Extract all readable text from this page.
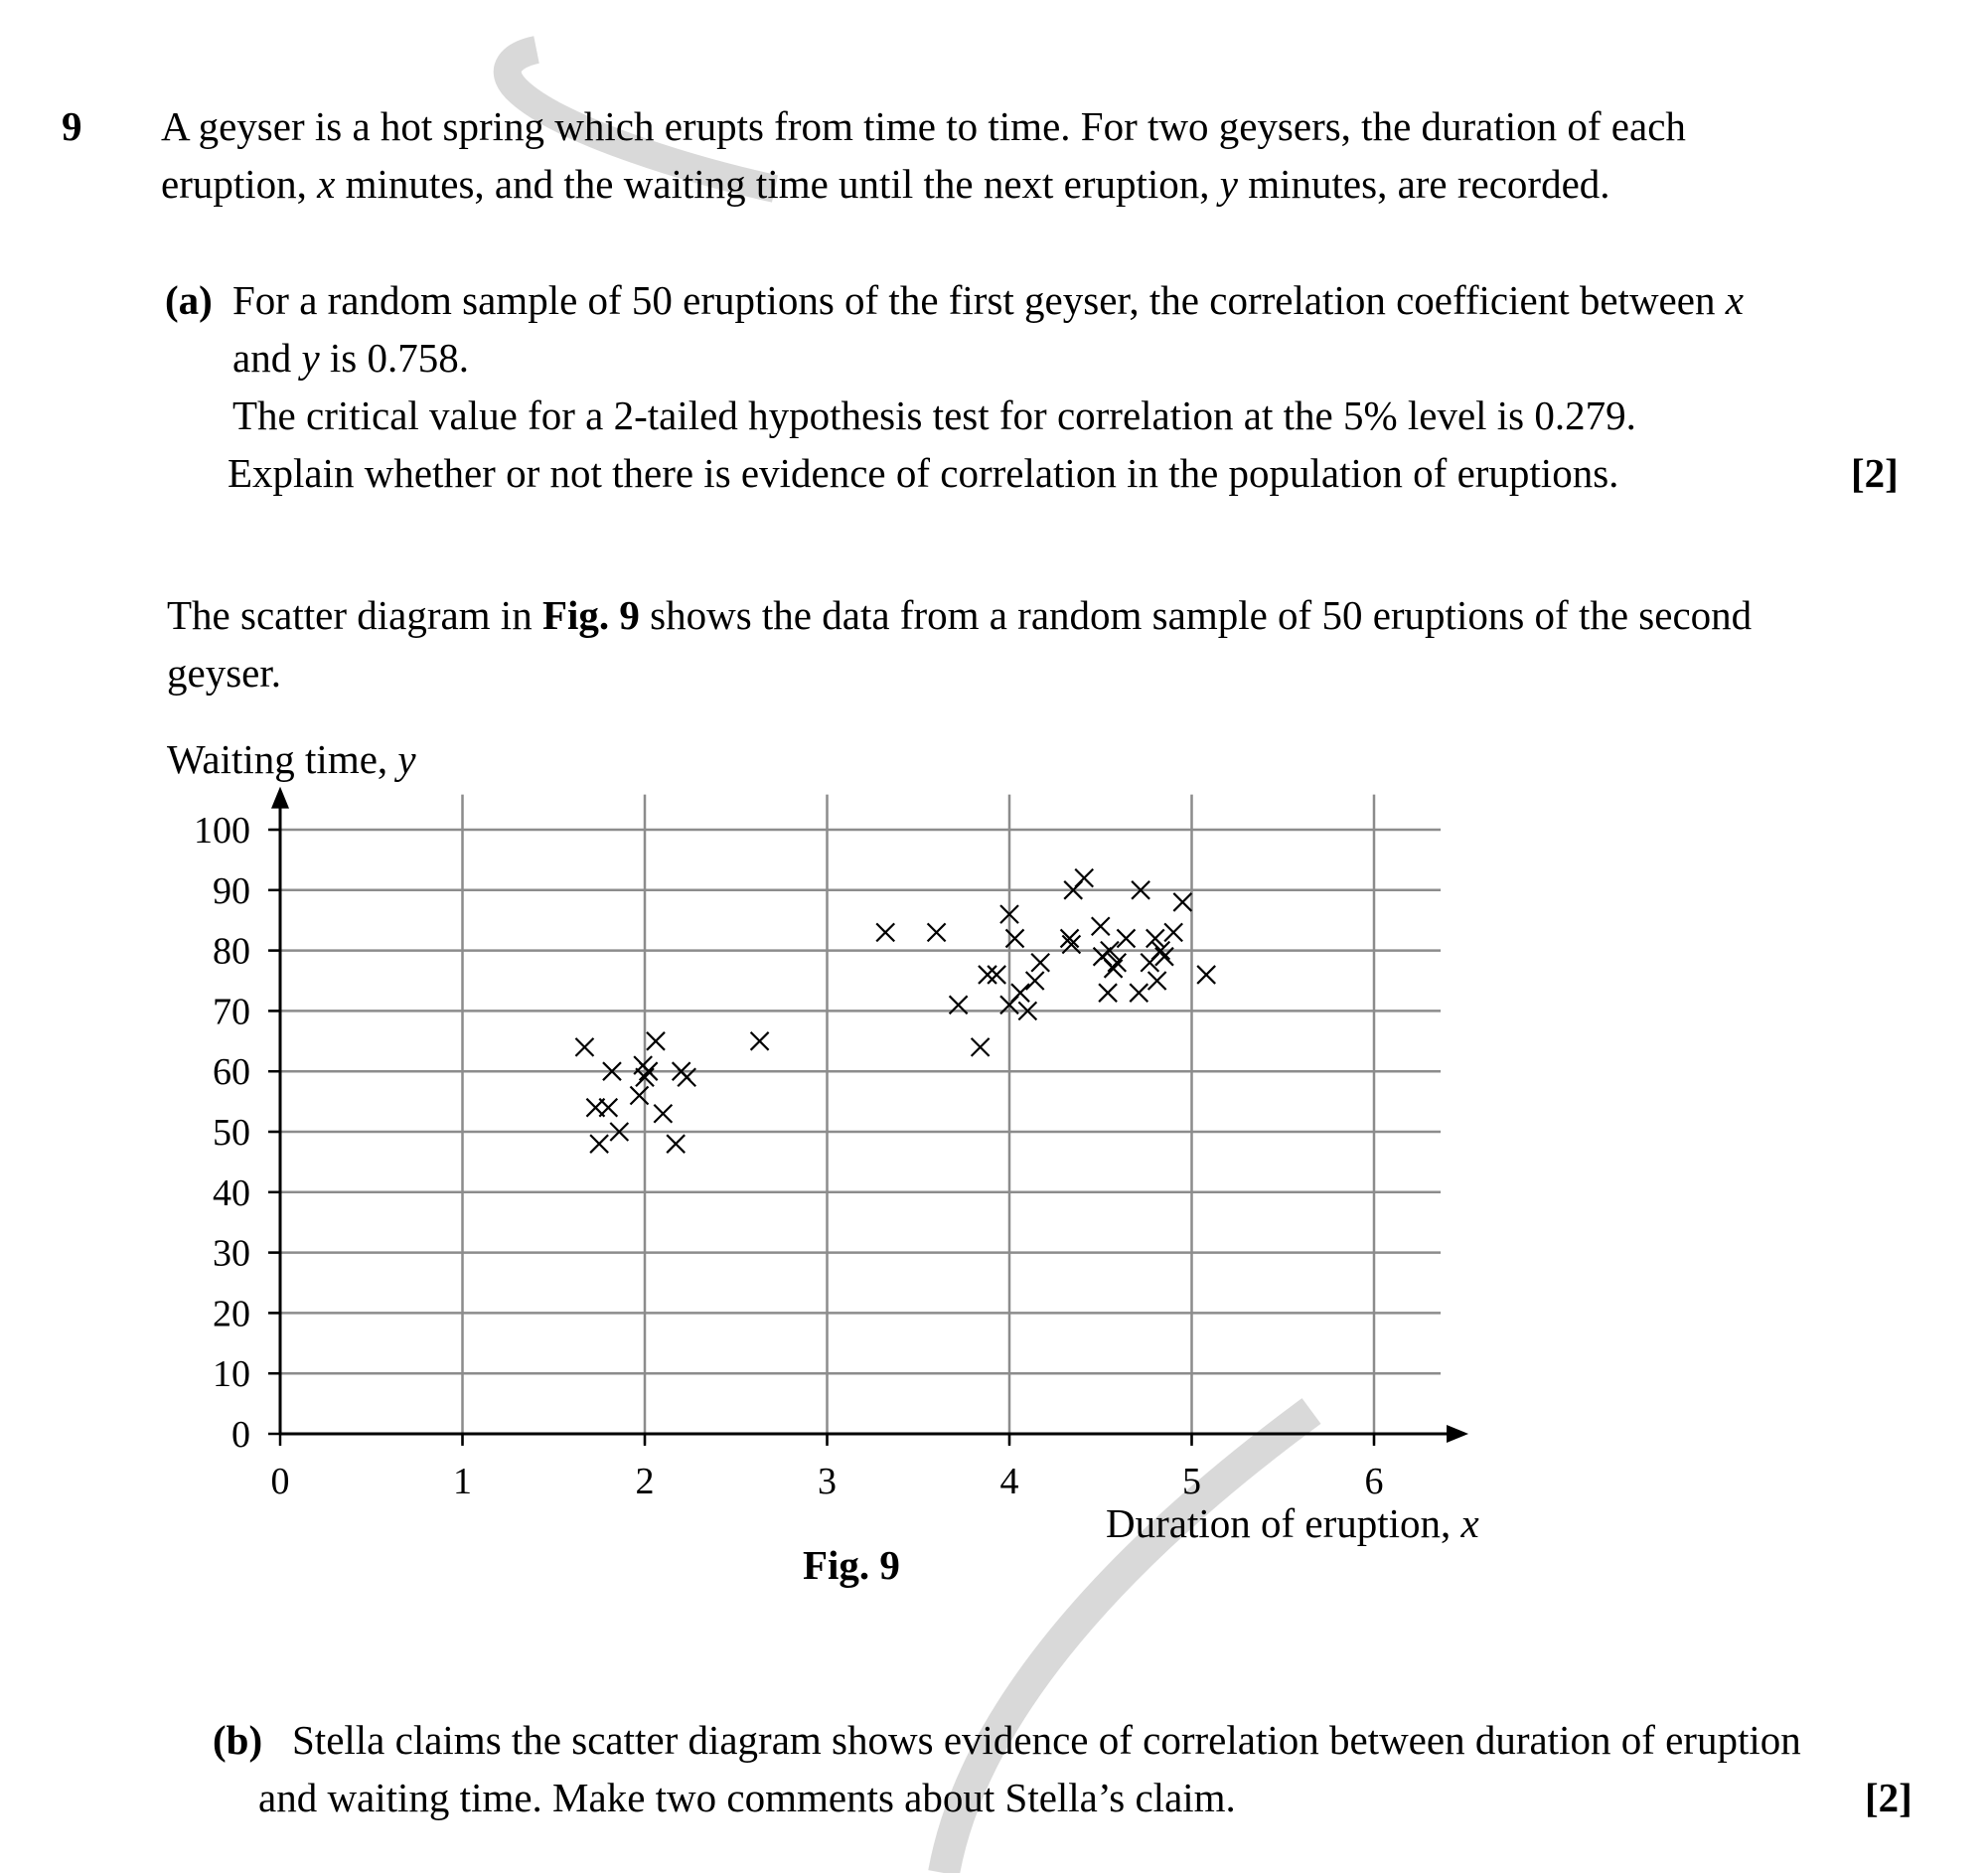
9 A geyser is a hot spring which erupts from time to time. For two geysers, the duration of each
eruption, x minutes, and the waiting time until the next eruption, y minutes, are recorded.
(a) For a random sample of 50 eruptions of the first geyser, the correlation coefficient between x
and y is 0.758.
The critical value for a 2-tailed hypothesis test for correlation at the 5% level is 0.279.
Explain whether or not there is evidence of correlation in the population of eruptions.	[2]
The scatter diagram in Fig. 9 shows the data from a random sample of 50 eruptions of the second
geyser.
0
10
20
30
40
50
60
70
80
90
100
0	1	2	3	4	5	6
Waiting time, y
Duration of eruption, x
Fig. 9
(b) Stella claims the scatter diagram shows evidence of correlation between duration of eruption
and waiting time. Make two comments about Stella’s claim.	[2]
